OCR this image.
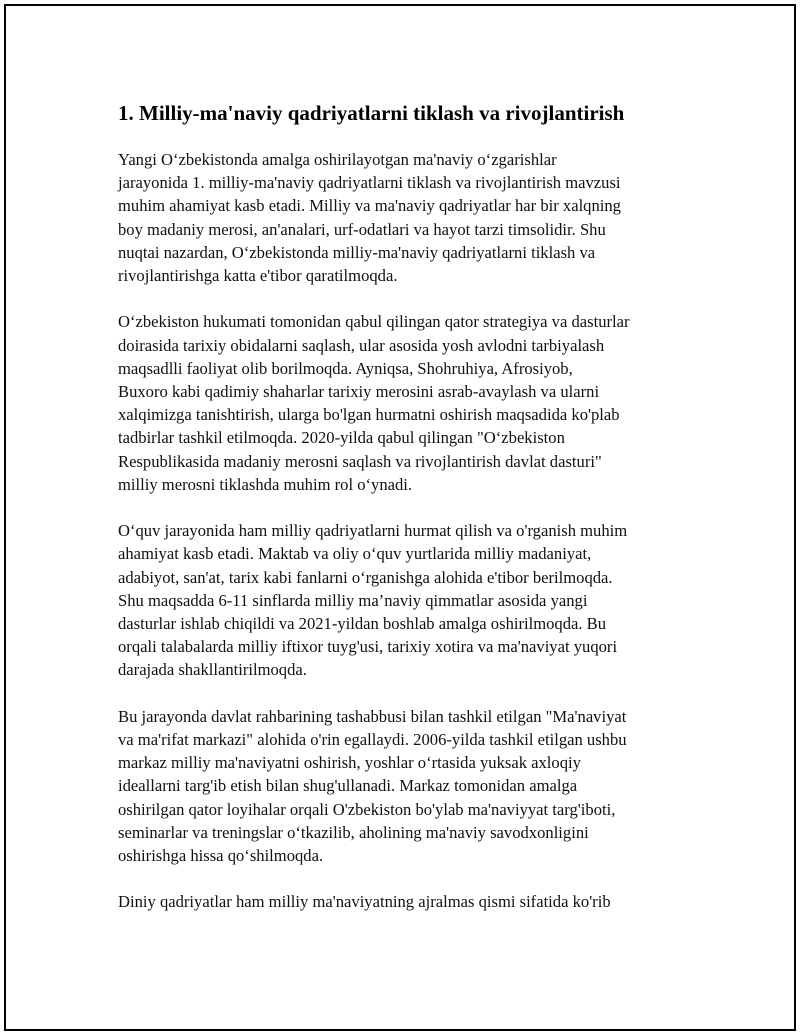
1. Milliy-ma'naviy qadriyatlarni tiklash va rivojlantirish

Yangi O‘zbekistonda amalga oshirilayotgan ma'naviy o‘zgarishlar
jarayonida 1. milliy-ma'naviy qadriyatlarni tiklash va rivojlantirish mavzusi
muhim ahamiyat kasb etadi. Milliy va ma'naviy qadriyatlar har bir xalqning
boy madaniy merosi, an'analari, urf-odatlari va hayot tarzi timsolidir. Shu
nuqtai nazardan, O‘zbekistonda milliy-ma'naviy qadriyatlarni tiklash va
rivojlantirishga katta e'tibor qaratilmoqda.

O‘zbekiston hukumati tomonidan qabul qilingan qator strategiya va dasturlar
doirasida tarixiy obidalarni saqlash, ular asosida yosh avlodni tarbiyalash
maqsadlli faoliyat olib borilmoqda. Ayniqsa, Shohruhiya, Afrosiyob,
Buxoro kabi qadimiy shaharlar tarixiy merosini asrab-avaylash va ularni
xalqimizga tanishtirish, ularga bo'lgan hurmatni oshirish maqsadida ko'plab
tadbirlar tashkil etilmoqda. 2020-yilda qabul qilingan "O‘zbekiston
Respublikasida madaniy merosni saqlash va rivojlantirish davlat dasturi"
milliy merosni tiklashda muhim rol o‘ynadi.

O‘quv jarayonida ham milliy qadriyatlarni hurmat qilish va o'rganish muhim
ahamiyat kasb etadi. Maktab va oliy o‘quv yurtlarida milliy madaniyat,
adabiyot, san'at, tarix kabi fanlarni o‘rganishga alohida e'tibor berilmoqda.
Shu maqsadda 6-11 sinflarda milliy ma’naviy qimmatlar asosida yangi
dasturlar ishlab chiqildi va 2021-yildan boshlab amalga oshirilmoqda. Bu
orqali talabalarda milliy iftixor tuyg'usi, tarixiy xotira va ma'naviyat yuqori
darajada shakllantirilmoqda.

Bu jarayonda davlat rahbarining tashabbusi bilan tashkil etilgan "Ma'naviyat
va ma'rifat markazi" alohida o'rin egallaydi. 2006-yilda tashkil etilgan ushbu
markaz milliy ma'naviyatni oshirish, yoshlar o‘rtasida yuksak axloqiy
ideallarni targ'ib etish bilan shug'ullanadi. Markaz tomonidan amalga
oshirilgan qator loyihalar orqali O'zbekiston bo'ylab ma'naviyyat targ'iboti,
seminarlar va treningslar o‘tkazilib, aholining ma'naviy savodxonligini
oshirishga hissa qo‘shilmoqda.

Diniy qadriyatlar ham milliy ma'naviyatning ajralmas qismi sifatida ko'rib
